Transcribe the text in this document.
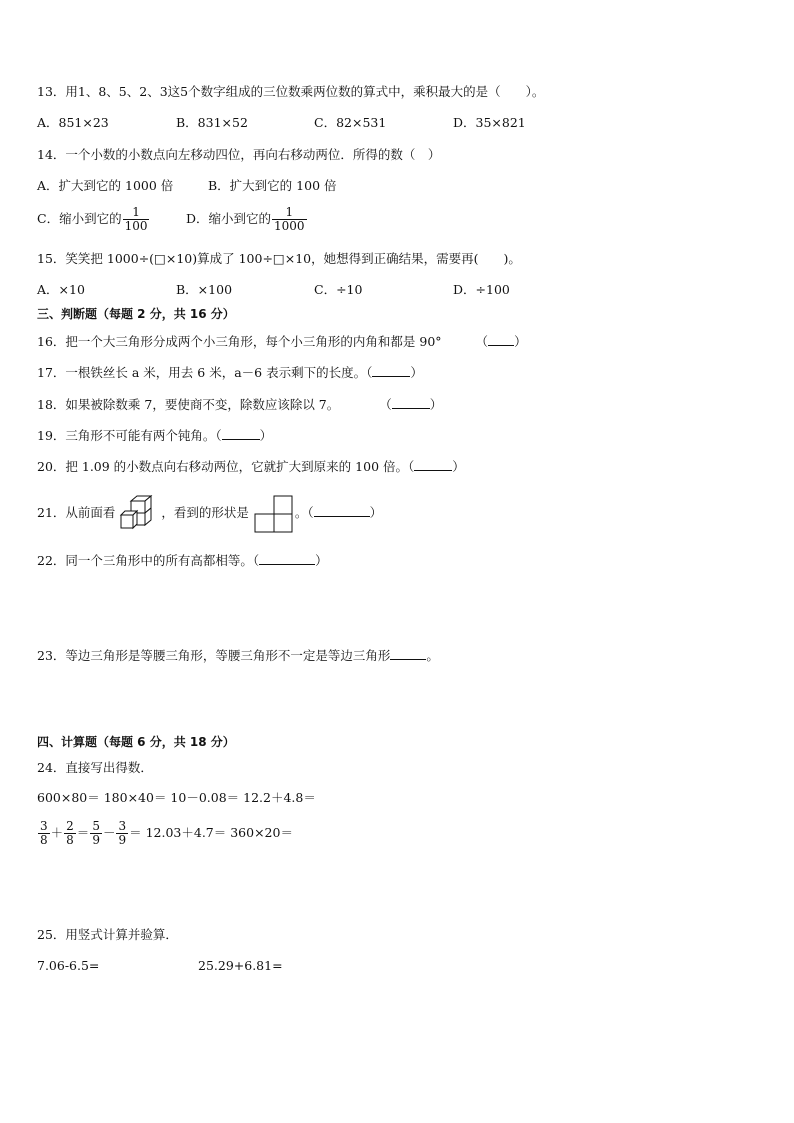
13．用1、8、5、2、3这5个数字组成的三位数乘两位数的算式中，乘积最大的是（　　）。
A．851×23	B．831×52	C．82×531	D．35×821
14．一个小数的小数点向左移动四位，再向右移动两位．所得的数（　）
A．扩大到它的 1000 倍	B．扩大到它的 100 倍
C．缩小到它的 $\frac{1}{100}$	D．缩小到它的 $\frac{1}{1000}$
15．笑笑把 1000÷(□×10)算成了 100÷□×10，她想得到正确结果，需要再(　　)。
A．×10	B．×100	C．÷10	D．÷100
三、判断题（每题 2 分，共 16 分）
16．把一个大三角形分成两个小三角形，每个小三角形的内角和都是 90°	（ ）
17．一根铁丝长 a 米，用去 6 米，a－6 表示剩下的长度。（	）
18．如果被除数乘 7，要使商不变，除数应该除以 7。	（	）
19．三角形不可能有两个钝角。（	）
20．把 1.09 的小数点向右移动两位，它就扩大到原来的 100 倍。（	）
21．从前面看	，看到的形状是	。（	）
22．同一个三角形中的所有高都相等。（	）
23．等边三角形是等腰三角形，等腰三角形不一定是等边三角形	。
四、计算题（每题 6 分，共 18 分）
24．直接写出得数．
600×80＝ 180×40＝ 10－0.08＝ 12.2＋4.8＝
$\frac{3}{8} + \frac{2}{8} = \frac{5}{9} - \frac{3}{9} = 12.03+4.7= 360\times 20=$
25．用竖式计算并验算．
7.06-6.5=	25.29+6.81=
